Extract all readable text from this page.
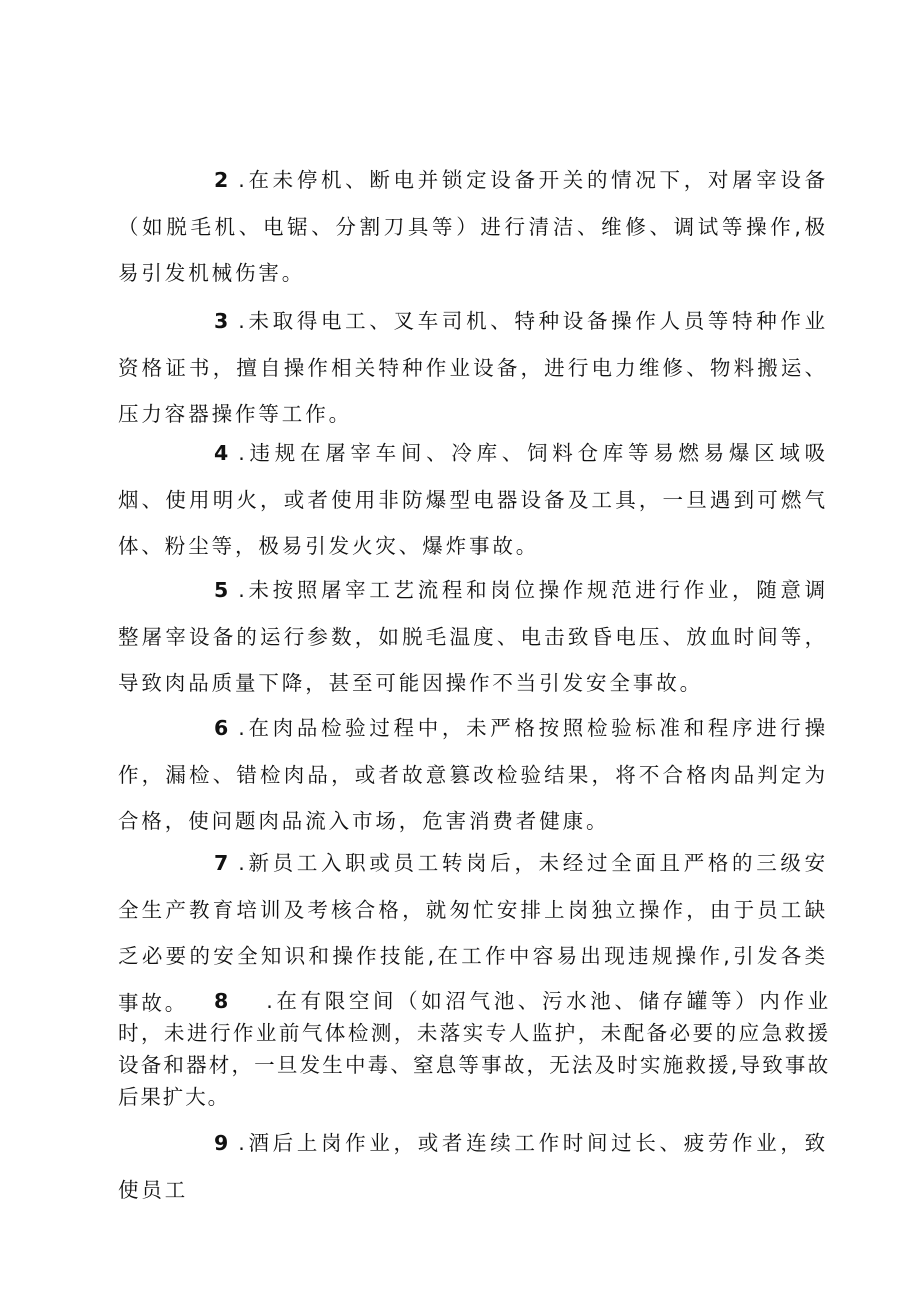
2 .在未停机、断电并锁定设备开关的情况下，对屠宰设备（如脱毛机、电锯、分割刀具等）进行清洁、维修、调试等操作,极易引发机械伤害。

3 .未取得电工、叉车司机、特种设备操作人员等特种作业资格证书，擅自操作相关特种作业设备，进行电力维修、物料搬运、压力容器操作等工作。

4 .违规在屠宰车间、冷库、饲料仓库等易燃易爆区域吸烟、使用明火，或者使用非防爆型电器设备及工具，一旦遇到可燃气体、粉尘等，极易引发火灾、爆炸事故。

5 .未按照屠宰工艺流程和岗位操作规范进行作业，随意调整屠宰设备的运行参数，如脱毛温度、电击致昏电压、放血时间等，导致肉品质量下降，甚至可能因操作不当引发安全事故。

6 .在肉品检验过程中，未严格按照检验标准和程序进行操作，漏检、错检肉品，或者故意篡改检验结果，将不合格肉品判定为合格，使问题肉品流入市场，危害消费者健康。

7 .新员工入职或员工转岗后，未经过全面且严格的三级安全生产教育培训及考核合格，就匆忙安排上岗独立操作，由于员工缺乏必要的安全知识和操作技能,在工作中容易出现违规操作,引发各类事故。	8 .在有限空间（如沼气池、污水池、储存罐等）内作业时，未进行作业前气体检测，未落实专人监护，未配备必要的应急救援设备和器材，一旦发生中毒、窒息等事故，无法及时实施救援,导致事故后果扩大。

9 .酒后上岗作业，或者连续工作时间过长、疲劳作业，致使员工
